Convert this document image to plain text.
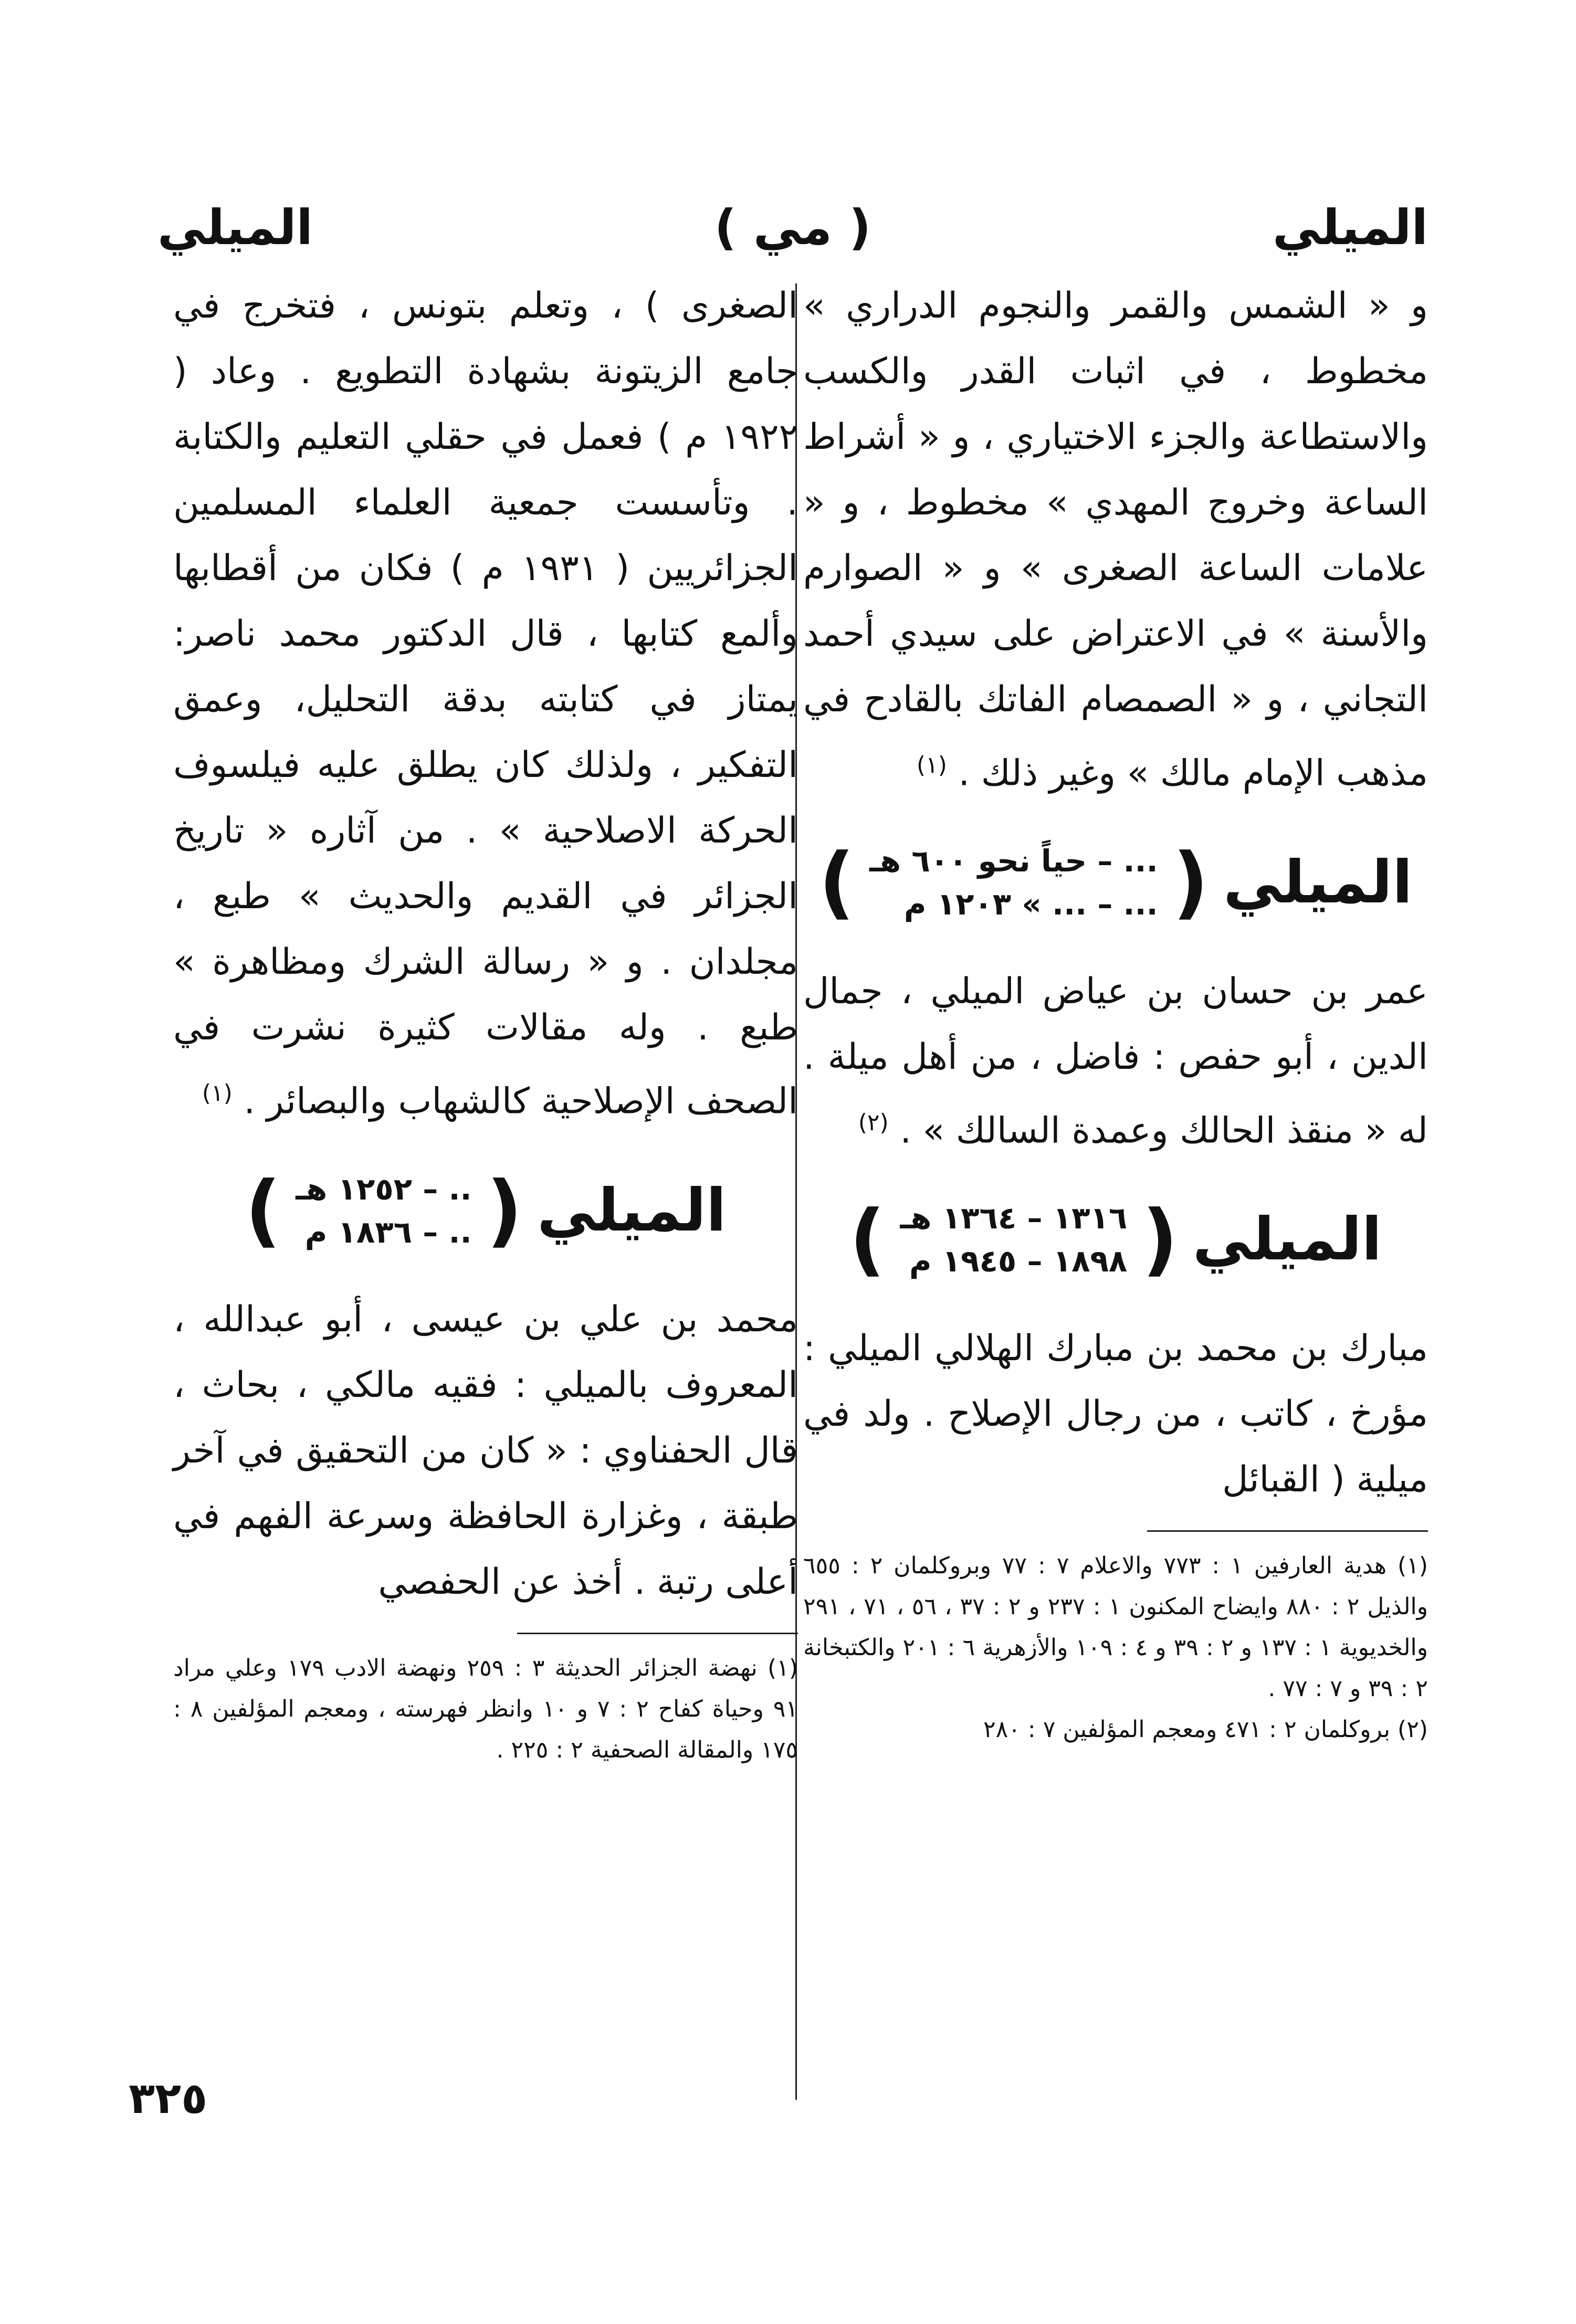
الميلي
( مي )
الميلي

و « الشمس والقمر والنجوم الدراري » مخطوط ، في اثبات القدر والكسب والاستطاعة والجزء الاختياري ، و « أشراط الساعة وخروج المهدي » مخطوط ، و « علامات الساعة الصغرى » و « الصوارم والأسنة » في الاعتراض على سيدي أحمد التجاني ، و « الصمصام الفاتك بالقادح في مذهب الإمام مالك » وغير ذلك . $^{(١)}$

الميلي
(
... – حياً نحو ٦٠٠ هـ
... – ... » ١٢٠٣ م
)

عمر بن حسان بن عياض الميلي ، جمال الدين ، أبو حفص : فاضل ، من أهل ميلة . له « منقذ الحالك وعمدة السالك » . $^{(٢)}$

الميلي
(
١٣١٦ – ١٣٦٤ هـ
١٨٩٨ – ١٩٤٥ م
)

مبارك بن محمد بن مبارك الهلالي الميلي : مؤرخ ، كاتب ، من رجال الإصلاح . ولد في ميلية ( القبائل

(١) هدية العارفين ١ : ٧٧٣ والاعلام ٧ : ٧٧ وبروكلمان ٢ : ٦٥٥ والذيل ٢ : ٨٨٠ وايضاح المكنون ١ : ٢٣٧ و ٢ : ٣٧ ، ٥٦ ، ٧١ ، ٢٩١ والخديوية ١ : ١٣٧ و ٢ : ٣٩ و ٤ : ١٠٩ والأزهرية ٦ : ٢٠١ والكتبخانة ٢ : ٣٩ و ٧ : ٧٧ .

(٢) بروكلمان ٢ : ٤٧١ ومعجم المؤلفين ٧ : ٢٨٠

الصغرى ) ، وتعلم بتونس ، فتخرج في جامع الزيتونة بشهادة التطويع . وعاد ( ١٩٢٢ م ) فعمل في حقلي التعليم والكتابة . وتأسست جمعية العلماء المسلمين الجزائريين ( ١٩٣١ م ) فكان من أقطابها وألمع كتابها ، قال الدكتور محمد ناصر: يمتاز في كتابته بدقة التحليل، وعمق التفكير ، ولذلك كان يطلق عليه فيلسوف الحركة الاصلاحية » . من آثاره « تاريخ الجزائر في القديم والحديث » طبع ، مجلدان . و « رسالة الشرك ومظاهرة » طبع . وله مقالات كثيرة نشرت في الصحف الإصلاحية كالشهاب والبصائر . $^{(١)}$

الميلي
(
.. – ١٢٥٢ هـ
.. – ١٨٣٦ م
)

محمد بن علي بن عيسى ، أبو عبدالله ، المعروف بالميلي : فقيه مالكي ، بحاث ، قال الحفناوي : « كان من التحقيق في آخر طبقة ، وغزارة الحافظة وسرعة الفهم في أعلى رتبة . أخذ عن الحفصي

(١) نهضة الجزائر الحديثة ٣ : ٢٥٩ ونهضة الادب ١٧٩ وعلي مراد ٩١ وحياة كفاح ٢ : ٧ و ١٠ وانظر فهرسته ، ومعجم المؤلفين ٨ : ١٧٥ والمقالة الصحفية ٢ : ٢٢٥ .

٣٢٥
